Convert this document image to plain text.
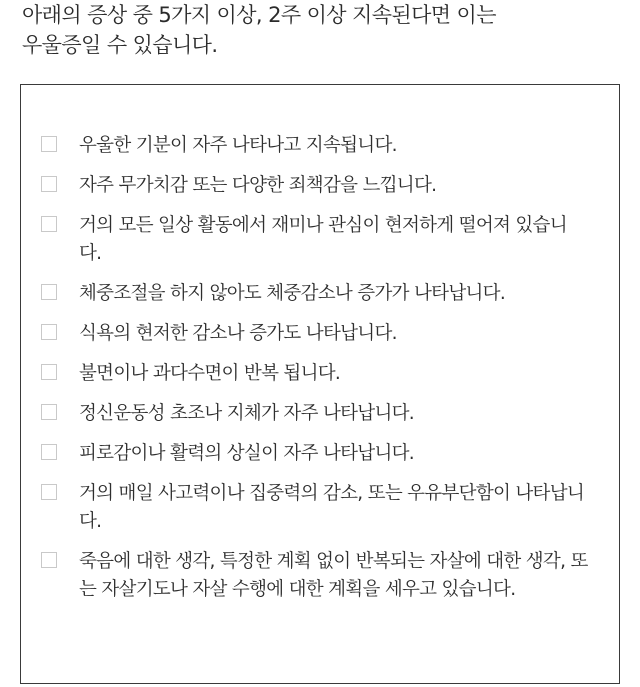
아래의 증상 중 5가지 이상, 2주 이상 지속된다면 이는
우울증일 수 있습니다.

우울한 기분이 자주 나타나고 지속됩니다.
자주 무가치감 또는 다양한 죄책감을 느낍니다.
거의 모든 일상 활동에서 재미나 관심이 현저하게 떨어져 있습니다.
체중조절을 하지 않아도 체중감소나 증가가 나타납니다.
식욕의 현저한 감소나 증가도 나타납니다.
불면이나 과다수면이 반복 됩니다.
정신운동성 초조나 지체가 자주 나타납니다.
피로감이나 활력의 상실이 자주 나타납니다.
거의 매일 사고력이나 집중력의 감소, 또는 우유부단함이 나타납니다.
죽음에 대한 생각, 특정한 계획 없이 반복되는 자살에 대한 생각, 또는 자살기도나 자살 수행에 대한 계획을 세우고 있습니다.
